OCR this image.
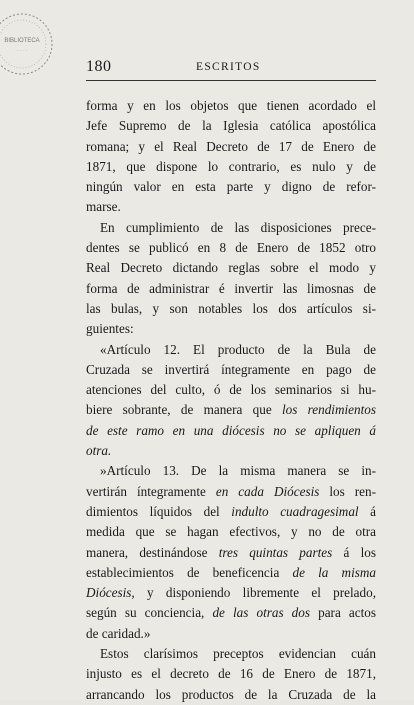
BIBLIOTECA
· · · ·
180	ESCRITOS
forma y en los objetos que tienen acordado el
Jefe Supremo de la Iglesia católica apostólica
romana; y el Real Decreto de 17 de Enero de
1871, que dispone lo contrario, es nulo y de
ningún valor en esta parte y digno de refor-
marse.
En cumplimiento de las disposiciones prece-
dentes se publicó en 8 de Enero de 1852 otro
Real Decreto dictando reglas sobre el modo y
forma de administrar é invertir las limosnas de
las bulas, y son notables los dos artículos si-
guientes:
«Artículo 12. El producto de la Bula de
Cruzada se invertirá íntegramente en pago de
atenciones del culto, ó de los seminarios si hu-
biere sobrante, de manera que los rendimientos
de este ramo en una diócesis no se apliquen á
otra.
»Artículo 13. De la misma manera se in-
vertirán íntegramente en cada Diócesis los ren-
dimientos líquidos del indulto cuadragesimal á
medida que se hagan efectivos, y no de otra
manera, destinándose tres quintas partes á los
establecimientos de beneficencia de la misma
Diócesis, y disponiendo libremente el prelado,
según su conciencia, de las otras dos para actos
de caridad.»
Estos clarísimos preceptos evidencian cuán
injusto es el decreto de 16 de Enero de 1871,
arrancando los productos de la Cruzada de la
